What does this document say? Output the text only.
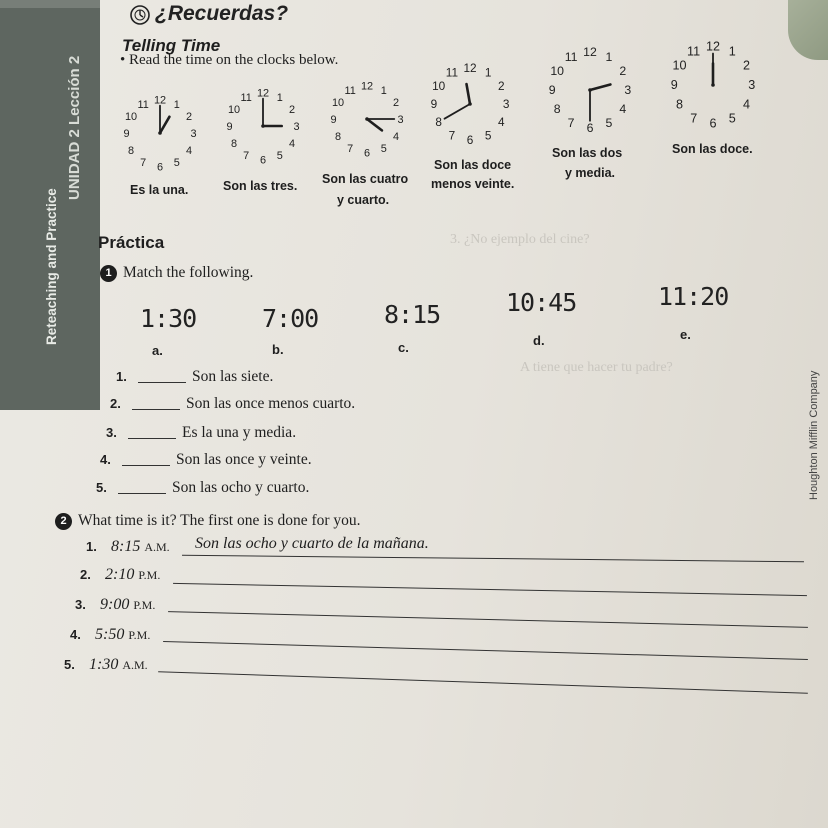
UNIDAD 2 Lección 2
Reteaching and Practice
¿Recuerdas?
Telling Time
• Read the time on the clocks below.
1
2
3
4
5
6
7
8
9
10
11 12	1
2
3
4
5
6
7
8
9
10
11 12	1
2
3
4
5
6
7
8
9
10
11 12
1
2
3
4
5
6
7
8
9
10
11 12
1
2
3
4
5
6
7
8
9
10
11 12	1
2
3
4
5
6
7
8
9
10
11 12
Es la una.	Son las tres. Son las cuatro
y cuarto.
Son las doce
menos veinte.
Son las dos
y media.
Son las doce.
3. ¿No ejemplo del cine?
A tiene que hacer tu padre?
Práctica
1 Match the following.
1:30	7:00	8:15	10:45	11:20
a.	b.	c.	d.	e.
1.	Son las siete.
2.	Son las once menos cuarto.
3.	Es la una y media.
4.	Son las once y veinte.
5.	Son las ocho y cuarto.
2 What time is it? The first one is done for you.
1. 8:15 A.M. Son las ocho y cuarto de la mañana.
2. 2:10 P.M.
3. 9:00 P.M.
4. 5:50 P.M.
5. 1:30 A.M.
Houghton Mifflin Company
